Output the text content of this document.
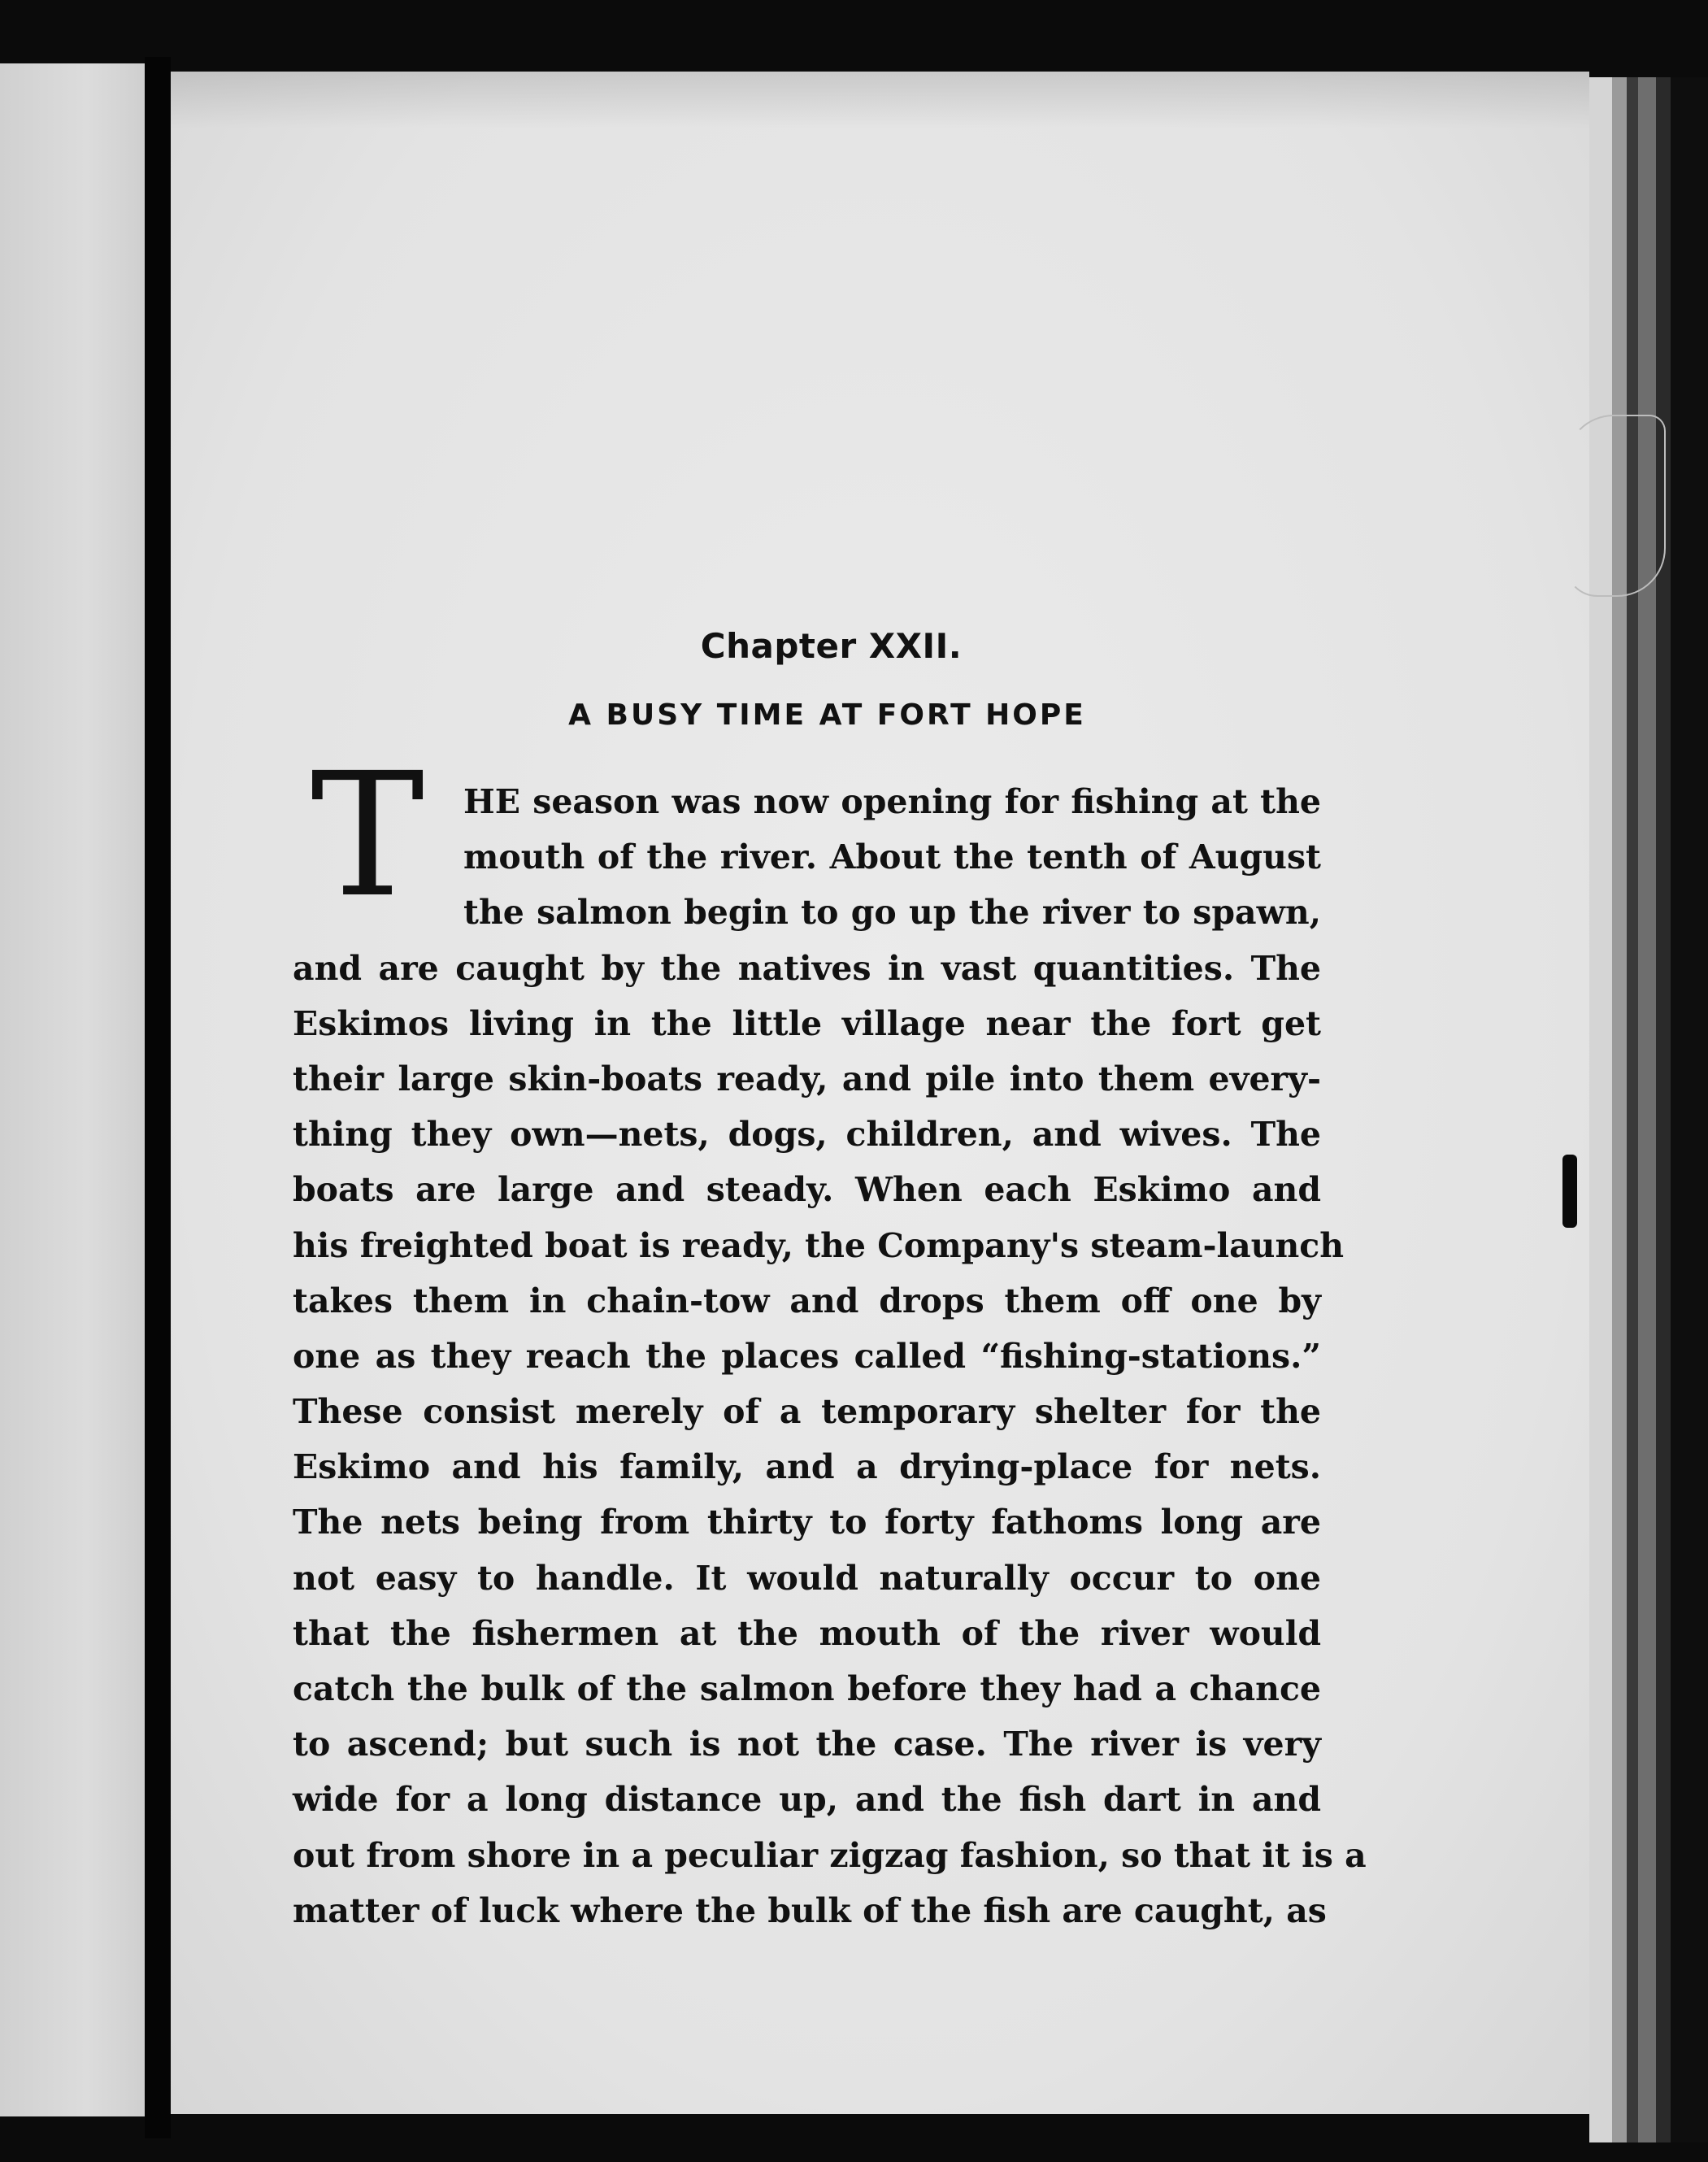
Chapter XXII.
A BUSY TIME AT FORT HOPE
T	HE season was now opening for fishing at the
mouth of the river. About the tenth of August
the salmon begin to go up the river to spawn,
and are caught by the natives in vast quantities. The
Eskimos living in the little village near the fort get
their large skin-boats ready, and pile into them every-
thing they own—nets, dogs, children, and wives. The
boats are large and steady. When each Eskimo and
his freighted boat is ready, the Company's steam-launch
takes them in chain-tow and drops them off one by
one as they reach the places called “fishing-stations.”
These consist merely of a temporary shelter for the
Eskimo and his family, and a drying-place for nets.
The nets being from thirty to forty fathoms long are
not easy to handle. It would naturally occur to one
that the fishermen at the mouth of the river would
catch the bulk of the salmon before they had a chance
to ascend; but such is not the case. The river is very
wide for a long distance up, and the fish dart in and
out from shore in a peculiar zigzag fashion, so that it is a
matter of luck where the bulk of the fish are caught, as
